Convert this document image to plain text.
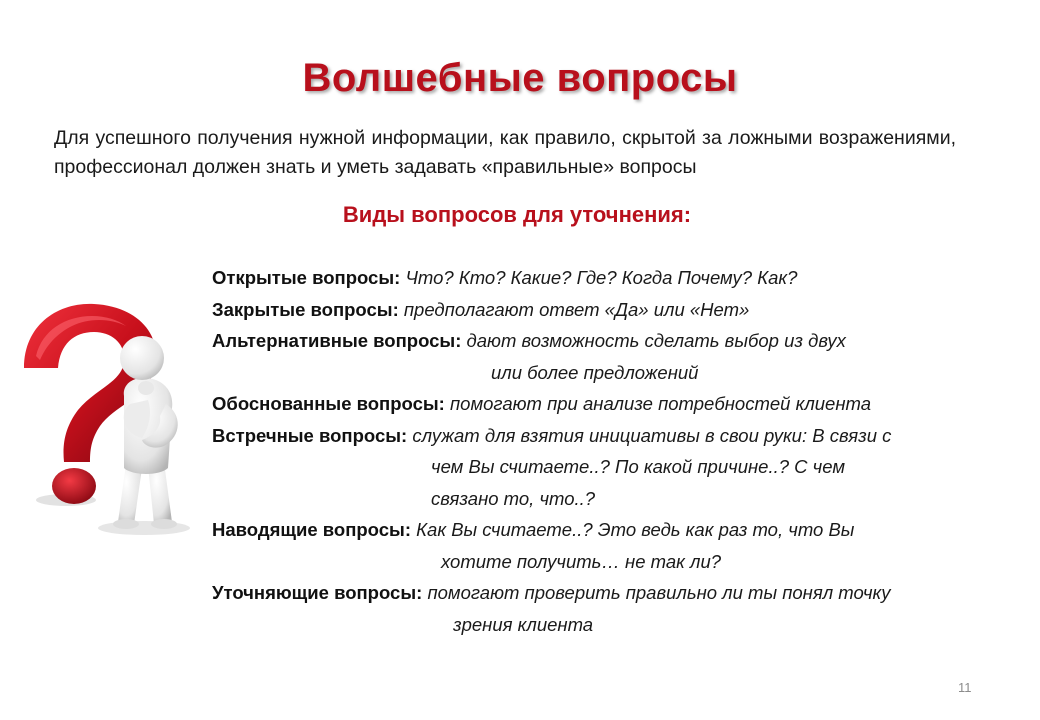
Волшебные вопросы
Для успешного получения нужной информации, как правило, скрытой за ложными возражениями, профессионал должен знать и уметь задавать «правильные» вопросы
Виды вопросов для уточнения:
Открытые вопросы: Что? Кто? Какие? Где? Когда Почему? Как?
Закрытые вопросы: предполагают ответ «Да» или «Нет»
Альтернативные вопросы: дают возможность сделать выбор из двух
или более предложений
Обоснованные вопросы: помогают при анализе потребностей клиента
Встречные вопросы: служат для взятия инициативы в свои руки: В связи с
чем Вы считаете..? По какой причине..? С чем
связано то, что..?
Наводящие вопросы: Как Вы считаете..? Это ведь как раз то, что Вы
хотите получить… не так ли?
Уточняющие вопросы: помогают проверить правильно ли ты понял точку
зрения клиента
11
